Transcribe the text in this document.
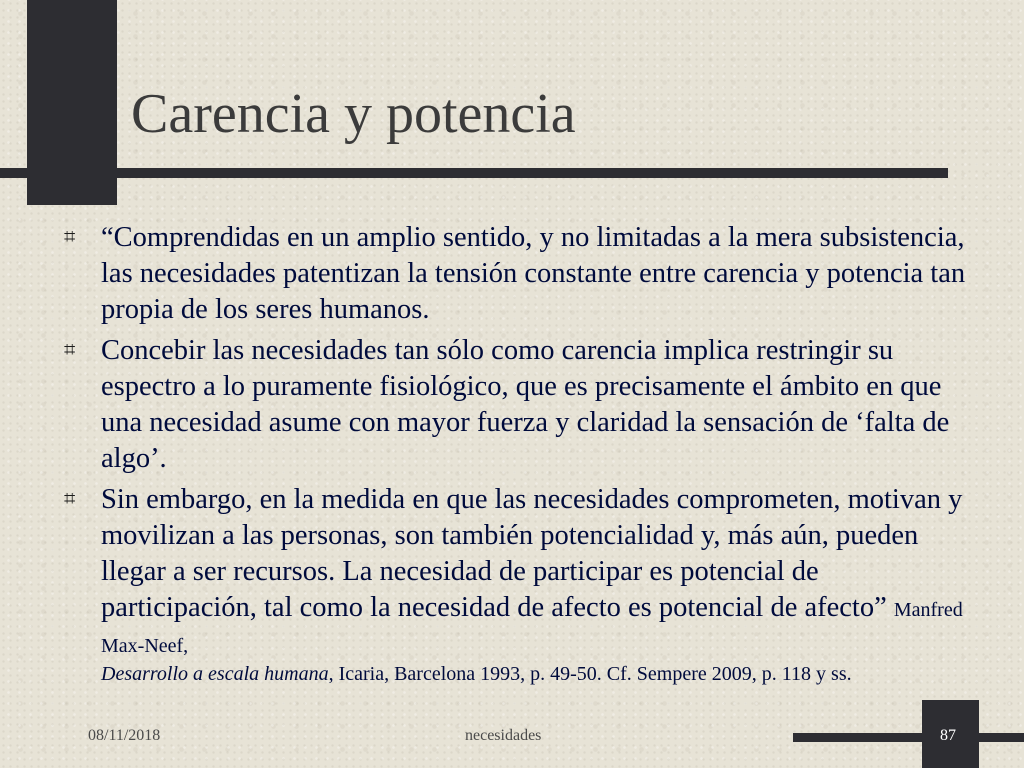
Carencia y potencia
⌗ “Comprendidas en un amplio sentido, y no limitadas a la mera subsistencia, las necesidades patentizan la tensión constante entre carencia y potencia tan propia de los seres humanos.
⌗ Concebir las necesidades tan sólo como carencia implica restringir su espectro a lo puramente fisiológico, que es precisamente el ámbito en que una necesidad asume con mayor fuerza y claridad la sensación de ‘falta de algo’.
⌗ Sin embargo, en la medida en que las necesidades comprometen, motivan y movilizan a las personas, son también potencialidad y, más aún, pueden llegar a ser recursos. La necesidad de participar es potencial de participación, tal como la necesidad de afecto es potencial de afecto” Manfred Max-Neef,
Desarrollo a escala humana, Icaria, Barcelona 1993, p. 49-50. Cf. Sempere 2009, p. 118 y ss.
08/11/2018	necesidades	87
